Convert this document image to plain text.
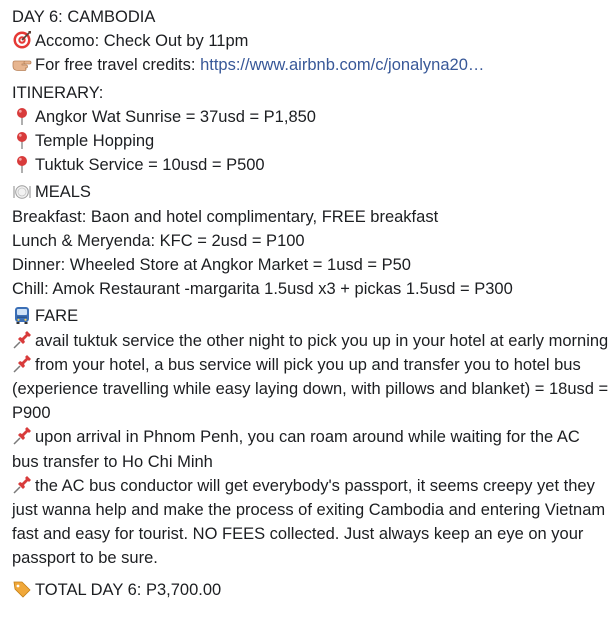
DAY 6: CAMBODIA
Accomo: Check Out by 11pm
For free travel credits: https://www.airbnb.com/c/jonalyna20…
ITINERARY:
Angkor Wat Sunrise = 37usd = P1,850
Temple Hopping
Tuktuk Service = 10usd = P500
MEALS
Breakfast: Baon and hotel complimentary, FREE breakfast
Lunch & Meryenda: KFC = 2usd = P100
Dinner: Wheeled Store at Angkor Market = 1usd = P50
Chill: Amok Restaurant -margarita 1.5usd x3 + pickas 1.5usd = P300
FARE
avail tuktuk service the other night to pick you up in your hotel at early morning
from your hotel, a bus service will pick you up and transfer you to hotel bus (experience travelling while easy laying down, with pillows and blanket) = 18usd = P900
upon arrival in Phnom Penh, you can roam around while waiting for the AC bus transfer to Ho Chi Minh
the AC bus conductor will get everybody's passport, it seems creepy yet they just wanna help and make the process of exiting Cambodia and entering Vietnam fast and easy for tourist. NO FEES collected. Just always keep an eye on your passport to be sure.
TOTAL DAY 6: P3,700.00
